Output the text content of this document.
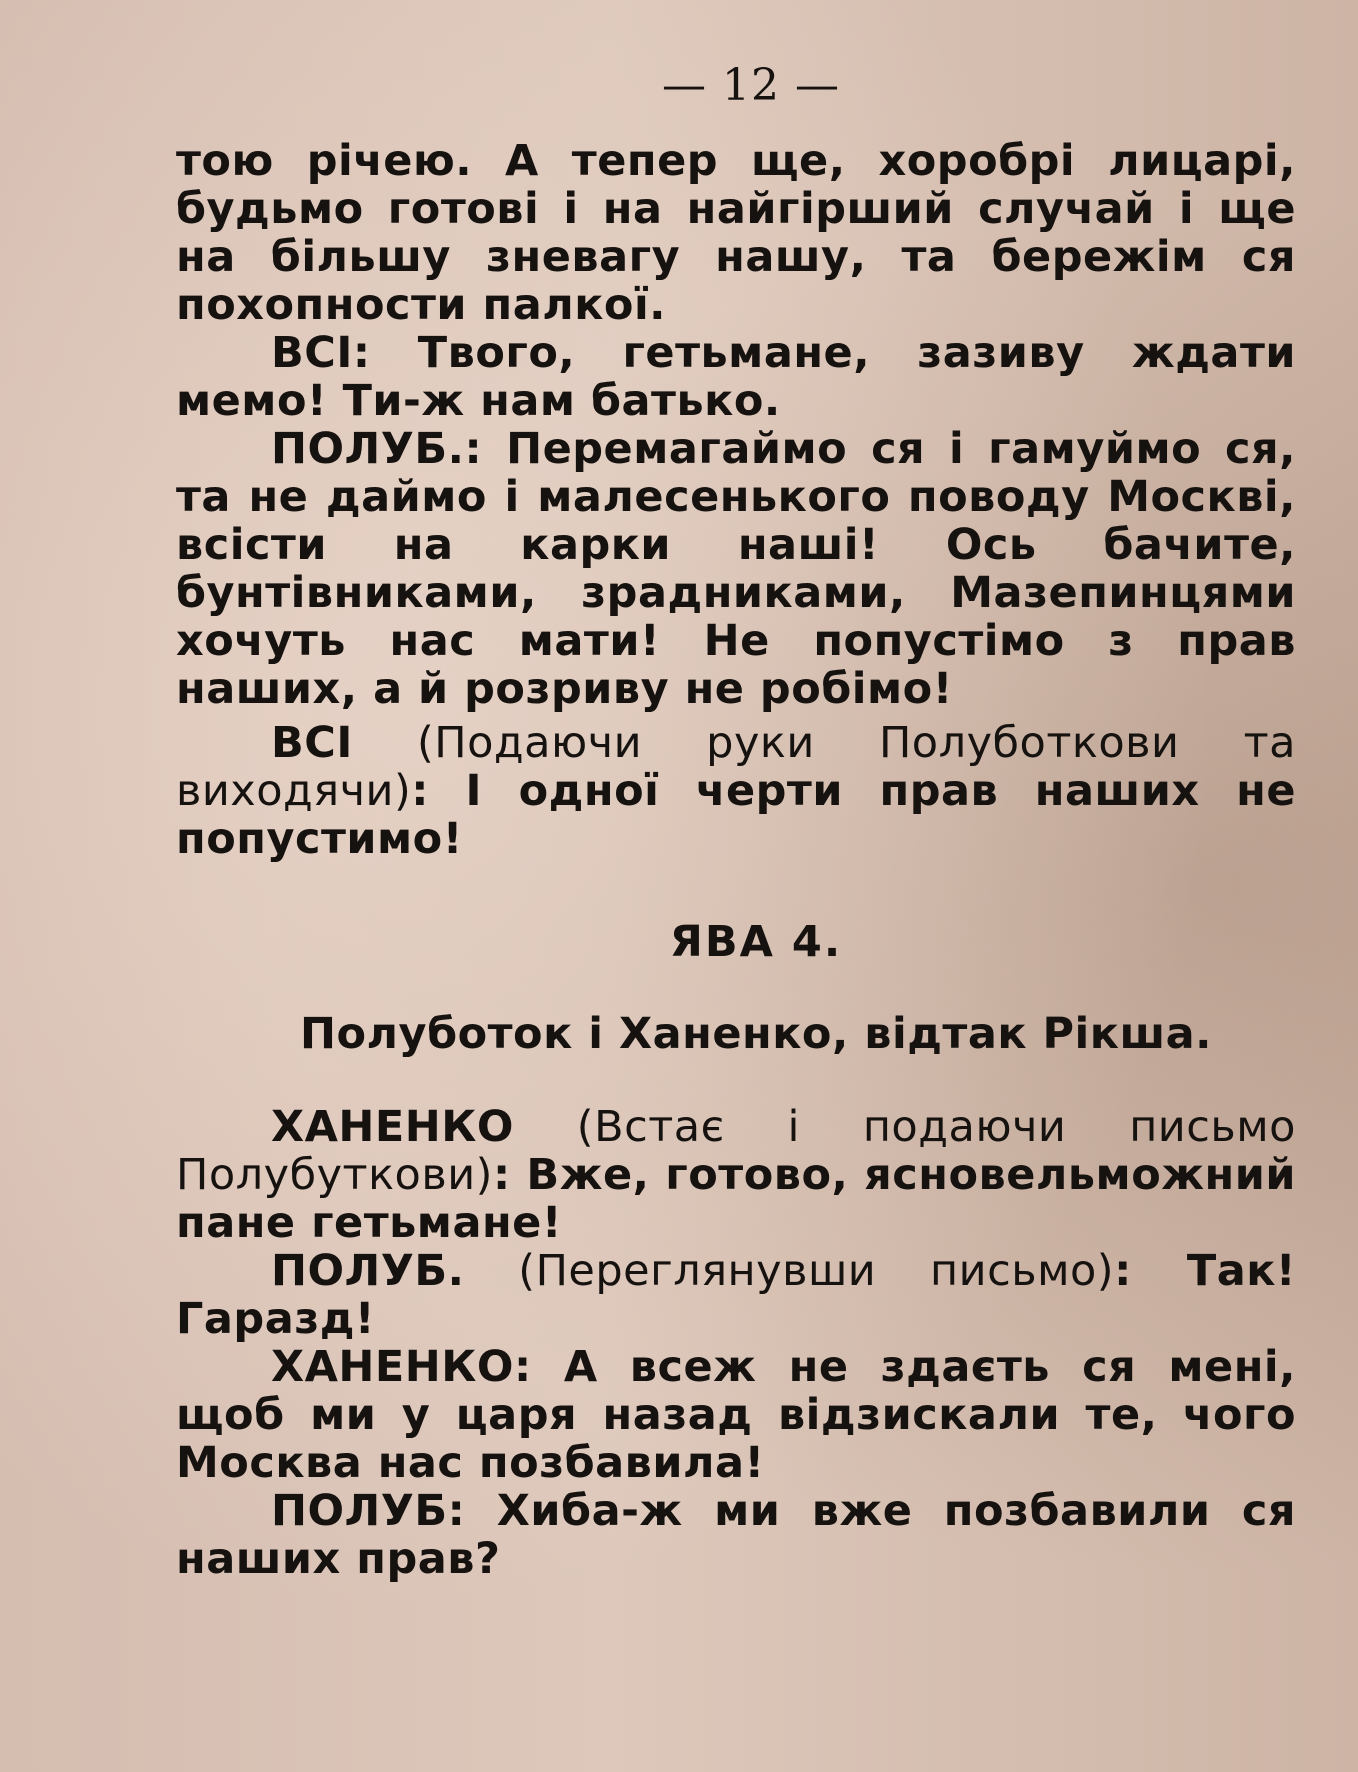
— 12 —

тою річею. А тепер ще, хоробрі лицарі, будьмо готові і на найгірший случай і ще на більшу зневагу нашу, та бережім ся похопности палкої.

ВСІ: Твого, гетьмане, зазиву ждати мемо! Ти-ж нам батько.

ПОЛУБ.: Перемагаймо ся і гамуймо ся, та не даймо і малесенького поводу Москві, всісти на карки наші! Ось бачите, бунтівниками, зрадниками, Мазепинцями хочуть нас мати! Не попустімо з прав наших, а й розриву не робімо!

ВСІ (Подаючи руки Полуботкови та виходячи): І одної черти прав наших не попустимо!

ЯВА 4.
Полуботок і Ханенко, відтак Рікша.

ХАНЕНКО (Встає і подаючи письмо Полубуткови): Вже, готово, ясновельможний пане гетьмане!

ПОЛУБ. (Переглянувши письмо): Так! Гаразд!

ХАНЕНКО: А всеж не здаєть ся мені, щоб ми у царя назад відзискали те, чого Москва нас позбавила!

ПОЛУБ: Хиба-ж ми вже позбавили ся наших прав?
